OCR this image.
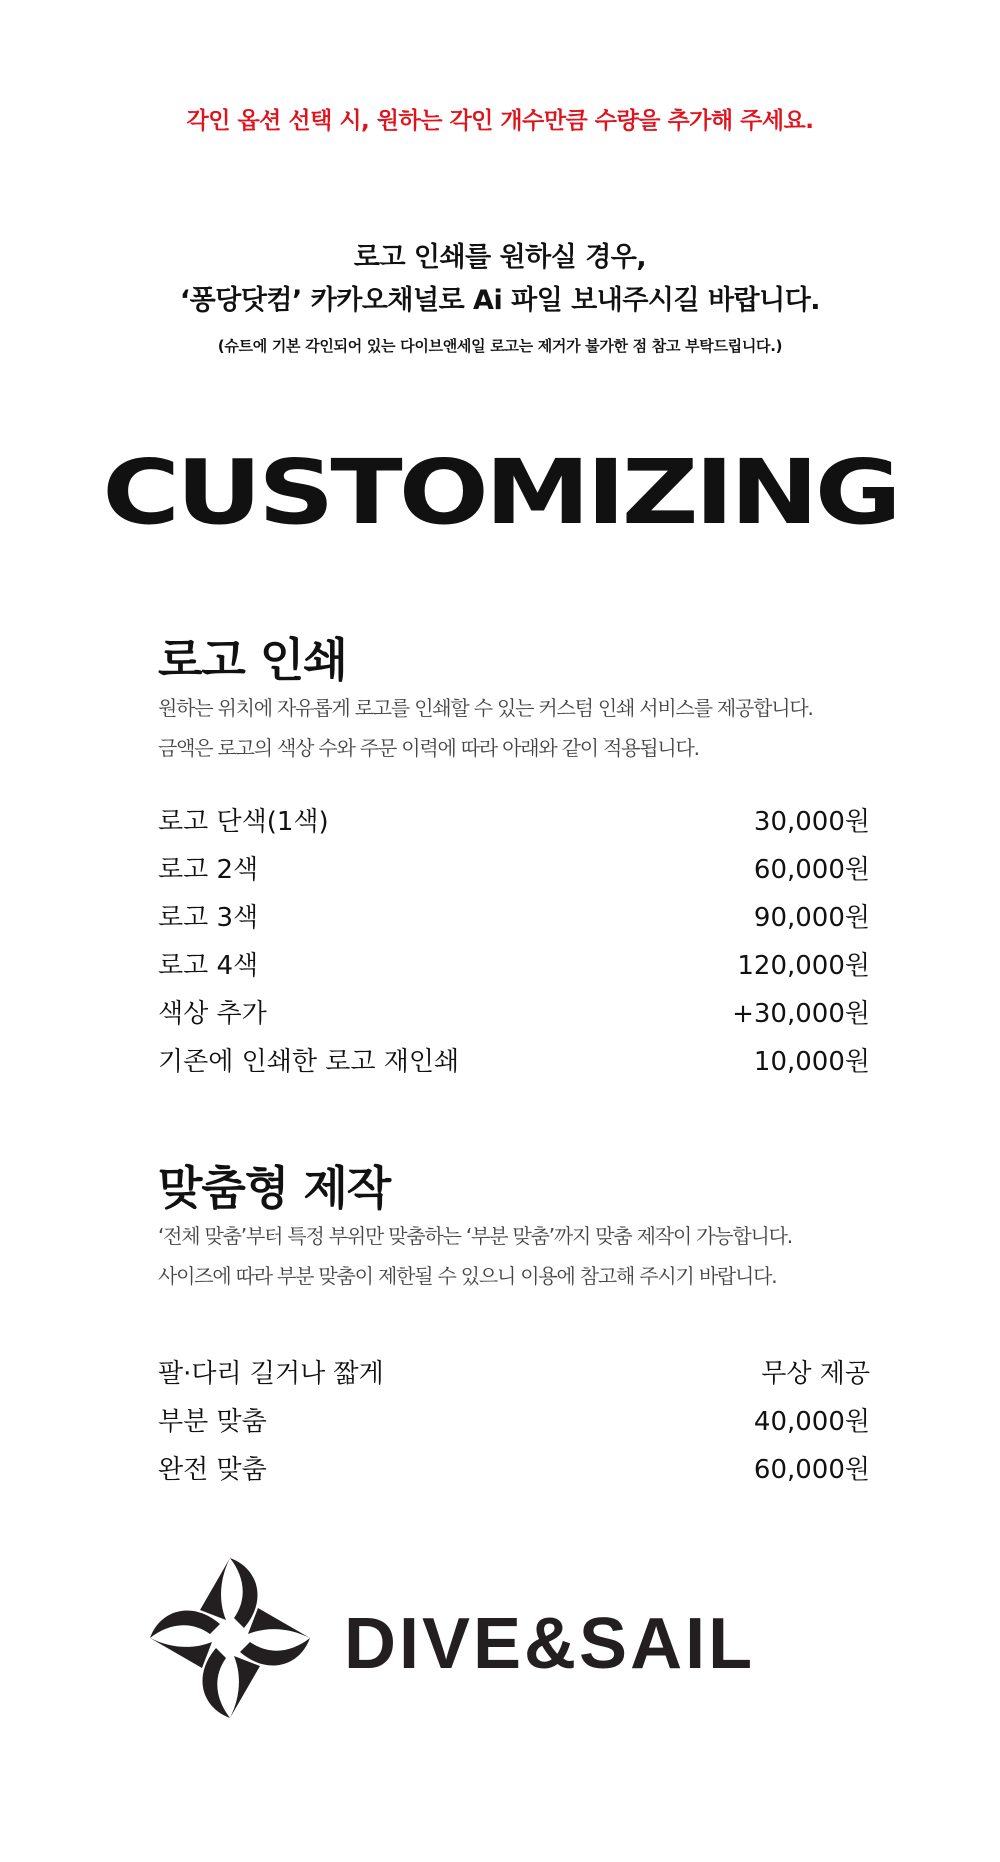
각인 옵션 선택 시, 원하는 각인 개수만큼 수량을 추가해 주세요.
로고 인쇄를 원하실 경우,
‘퐁당닷컴’ 카카오채널로 Ai 파일 보내주시길 바랍니다.
(슈트에 기본 각인되어 있는 다이브앤세일 로고는 제거가 불가한 점 참고 부탁드립니다.)
CUSTOMIZING
로고 인쇄
원하는 위치에 자유롭게 로고를 인쇄할 수 있는 커스텀 인쇄 서비스를 제공합니다.
금액은 로고의 색상 수와 주문 이력에 따라 아래와 같이 적용됩니다.
로고 단색(1색)	30,000원
로고 2색	60,000원
로고 3색	90,000원
로고 4색	120,000원
색상 추가	+30,000원
기존에 인쇄한 로고 재인쇄	10,000원
맞춤형 제작
‘전체 맞춤’부터 특정 부위만 맞춤하는 ‘부분 맞춤’까지 맞춤 제작이 가능합니다.
사이즈에 따라 부분 맞춤이 제한될 수 있으니 이용에 참고해 주시기 바랍니다.
팔·다리 길거나 짧게	무상 제공
부분 맞춤	40,000원
완전 맞춤	60,000원
DIVE&SAIL
